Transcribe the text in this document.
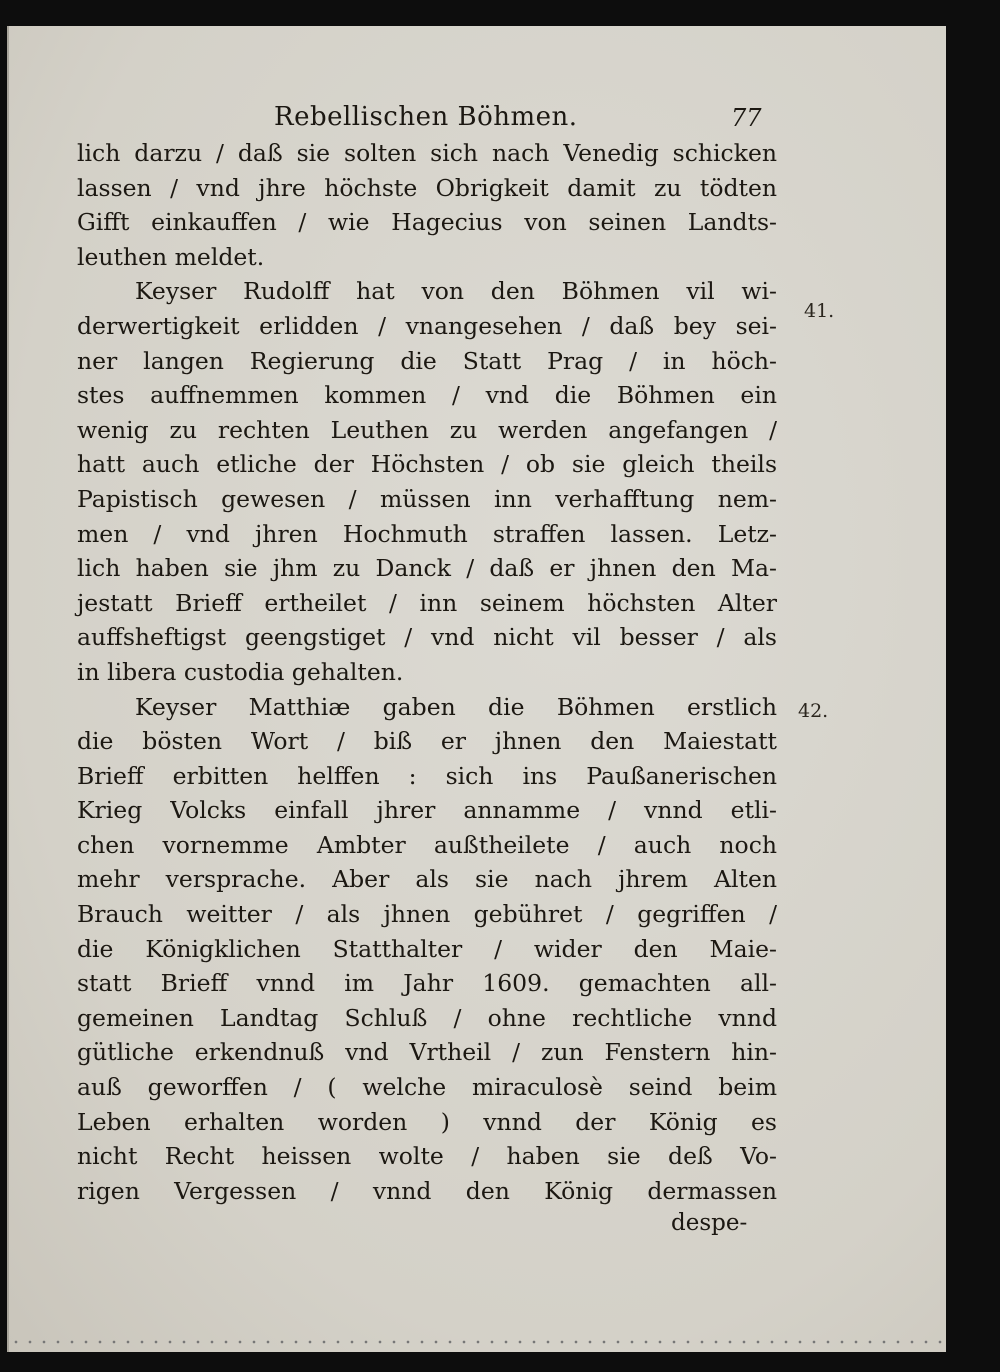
Rebellischen Böhmen.	77
lich darzu / daß sie solten sich nach Venedig schicken
lassen / vnd jhre höchste Obrigkeit damit zu tödten
Gifft einkauffen / wie Hagecius von seinen Landts-
leuthen meldet.
Keyser Rudolff hat von den Böhmen vil wi-
derwertigkeit erlidden / vnangesehen / daß bey sei-
ner langen Regierung die Statt Prag / in höch-
stes auffnemmen kommen / vnd die Böhmen ein
wenig zu rechten Leuthen zu werden angefangen /
hatt auch etliche der Höchsten / ob sie gleich theils
Papistisch gewesen / müssen inn verhafftung nem-
men / vnd jhren Hochmuth straffen lassen. Letz-
lich haben sie jhm zu Danck / daß er jhnen den Ma-
jestatt Brieff ertheilet / inn seinem höchsten Alter
auffsheftigst geengstiget / vnd nicht vil besser / als
in libera custodia gehalten.
Keyser Matthiæ gaben die Böhmen erstlich
die bösten Wort / biß er jhnen den Maiestatt
Brieff erbitten helffen : sich ins Paußanerischen
Krieg Volcks einfall jhrer annamme / vnnd etli-
chen vornemme Ambter außtheilete / auch noch
mehr versprache. Aber als sie nach jhrem Alten
Brauch weitter / als jhnen gebühret / gegriffen /
die Königklichen Statthalter / wider den Maie-
statt Brieff vnnd im Jahr 1609. gemachten all-
gemeinen Landtag Schluß / ohne rechtliche vnnd
gütliche erkendnuß vnd Vrtheil / zun Fenstern hin-
auß geworffen / ( welche miraculosè seind beim
Leben erhalten worden ) vnnd der König es
nicht Recht heissen wolte / haben sie deß Vo-
rigen Vergessen / vnnd den König dermassen
despe-
41.
42.
